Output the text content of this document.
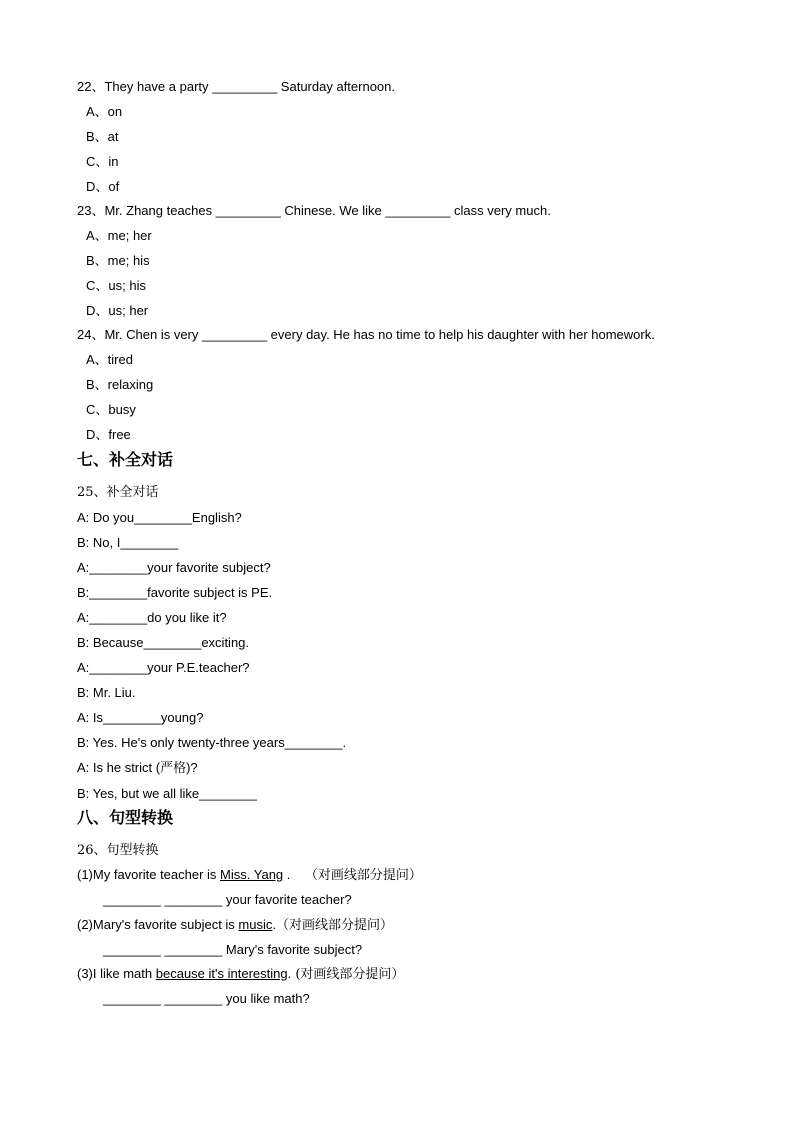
22、They have a party _________ Saturday afternoon.
A、on
B、at
C、in
D、of
23、Mr. Zhang teaches _________ Chinese. We like _________ class very much.
A、me; her
B、me; his
C、us; his
D、us; her
24、Mr. Chen is very _________ every day. He has no time to help his daughter with her homework.
A、tired
B、relaxing
C、busy
D、free
七、补全对话
25、补全对话
A: Do you________English?
B: No, I________
A:________your favorite subject?
B:________favorite subject is PE.
A:________do you like it?
B: Because________exciting.
A:________your P.E.teacher?
B: Mr. Liu.
A: Is________young?
B: Yes. He's only twenty-three years________.
A: Is he strict (严格)?
B: Yes, but we all like________
八、句型转换
26、句型转换
(1)My favorite teacher is Miss. Yang . （对画线部分提问）
________ ________ your favorite teacher?
(2)Mary's favorite subject is music.（对画线部分提问）
________ ________ Mary's favorite subject?
(3)I like math because it's interesting. (对画线部分提问）
________ ________ you like math?
